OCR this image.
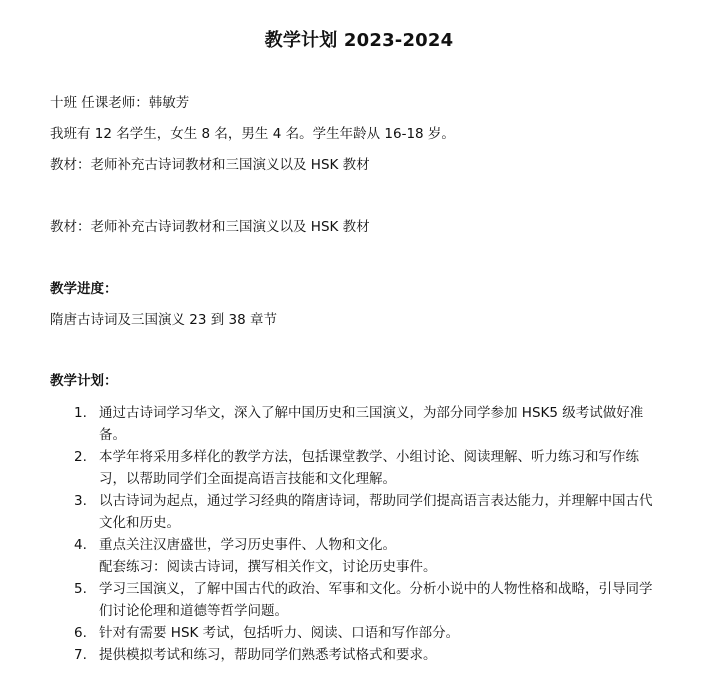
教学计划 2023-2024
十班 任课老师：韩敏芳
我班有 12 名学生，女生 8 名，男生 4 名。学生年龄从 16-18 岁。
教材：老师补充古诗词教材和三国演义以及 HSK 教材
教材：老师补充古诗词教材和三国演义以及 HSK 教材
教学进度：
隋唐古诗词及三国演义 23 到 38 章节
教学计划：
1. 通过古诗词学习华文，深入了解中国历史和三国演义，为部分同学参加 HSK5 级考试做好准备。
2. 本学年将采用多样化的教学方法，包括课堂教学、小组讨论、阅读理解、听力练习和写作练习，以帮助同学们全面提高语言技能和文化理解。
3. 以古诗词为起点，通过学习经典的隋唐诗词，帮助同学们提高语言表达能力，并理解中国古代文化和历史。
4. 重点关注汉唐盛世，学习历史事件、人物和文化。
配套练习：阅读古诗词，撰写相关作文，讨论历史事件。
5. 学习三国演义，了解中国古代的政治、军事和文化。分析小说中的人物性格和战略，引导同学们讨论伦理和道德等哲学问题。
6. 针对有需要 HSK 考试，包括听力、阅读、口语和写作部分。
7. 提供模拟考试和练习，帮助同学们熟悉考试格式和要求。
